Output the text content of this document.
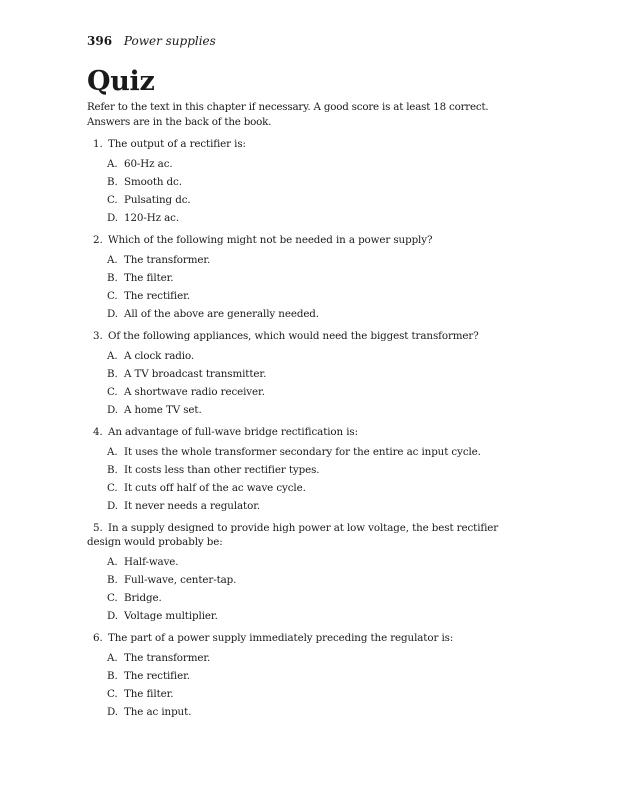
396 Power supplies
Quiz

Refer to the text in this chapter if necessary. A good score is at least 18 correct. Answers are in the back of the book.

1. The output of a rectifier is:

A. 60-Hz ac.
B. Smooth dc.
C. Pulsating dc.
D. 120-Hz ac.

2. Which of the following might not be needed in a power supply?

A. The transformer.
B. The filter.
C. The rectifier.
D. All of the above are generally needed.

3. Of the following appliances, which would need the biggest transformer?

A. A clock radio.
B. A TV broadcast transmitter.
C. A shortwave radio receiver.
D. A home TV set.

4. An advantage of full-wave bridge rectification is:

A. It uses the whole transformer secondary for the entire ac input cycle.
B. It costs less than other rectifier types.
C. It cuts off half of the ac wave cycle.
D. It never needs a regulator.

5. In a supply designed to provide high power at low voltage, the best rectifier design would probably be:

A. Half-wave.
B. Full-wave, center-tap.
C. Bridge.
D. Voltage multiplier.

6. The part of a power supply immediately preceding the regulator is:

A. The transformer.
B. The rectifier.
C. The filter.
D. The ac input.
